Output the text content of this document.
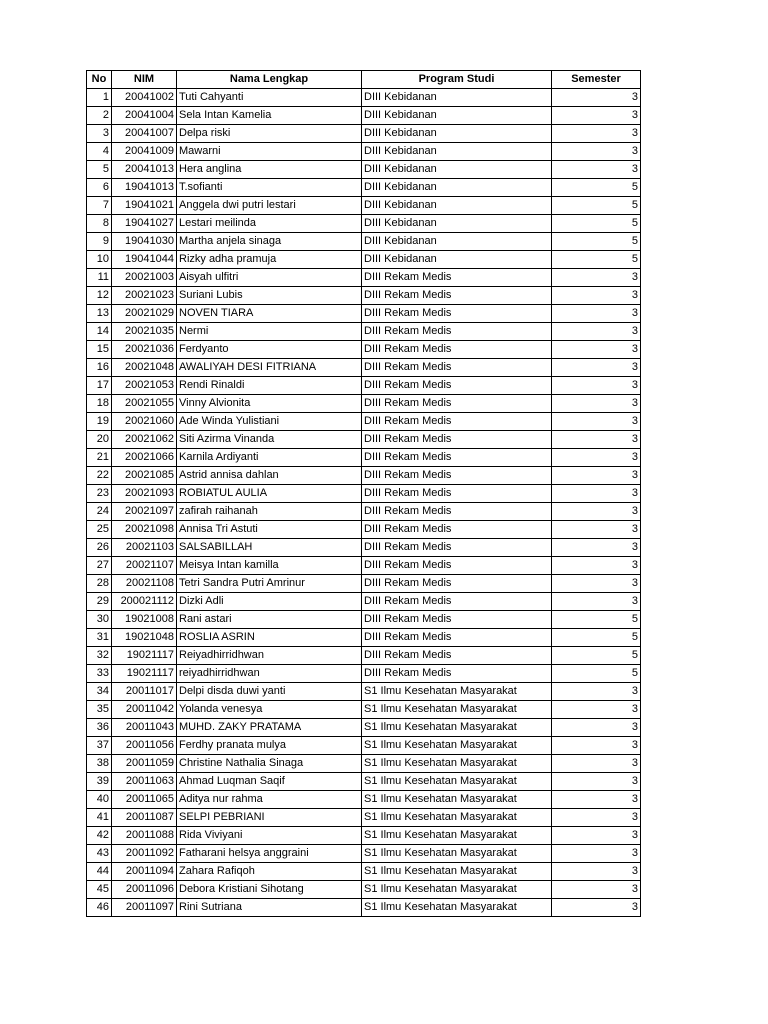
No	NIM	Nama Lengkap	Program Studi	Semester
1	20041002	Tuti Cahyanti	DIII Kebidanan	3
2	20041004	Sela Intan Kamelia	DIII Kebidanan	3
3	20041007	Delpa riski	DIII Kebidanan	3
4	20041009	Mawarni	DIII Kebidanan	3
5	20041013	Hera anglina	DIII Kebidanan	3
6	19041013	T.sofianti	DIII Kebidanan	5
7	19041021	Anggela dwi putri lestari	DIII Kebidanan	5
8	19041027	Lestari meilinda	DIII Kebidanan	5
9	19041030	Martha anjela sinaga	DIII Kebidanan	5
10	19041044	Rizky adha pramuja	DIII Kebidanan	5
11	20021003	Aisyah ulfitri	DIII Rekam Medis	3
12	20021023	Suriani Lubis	DIII Rekam Medis	3
13	20021029	NOVEN TIARA	DIII Rekam Medis	3
14	20021035	Nermi	DIII Rekam Medis	3
15	20021036	Ferdyanto	DIII Rekam Medis	3
16	20021048	AWALIYAH DESI FITRIANA	DIII Rekam Medis	3
17	20021053	Rendi Rinaldi	DIII Rekam Medis	3
18	20021055	Vinny Alvionita	DIII Rekam Medis	3
19	20021060	Ade Winda Yulistiani	DIII Rekam Medis	3
20	20021062	Siti Azirma Vinanda	DIII Rekam Medis	3
21	20021066	Karnila Ardiyanti	DIII Rekam Medis	3
22	20021085	Astrid annisa dahlan	DIII Rekam Medis	3
23	20021093	ROBIATUL AULIA	DIII Rekam Medis	3
24	20021097	zafirah raihanah	DIII Rekam Medis	3
25	20021098	Annisa Tri Astuti	DIII Rekam Medis	3
26	20021103	SALSABILLAH	DIII Rekam Medis	3
27	20021107	Meisya Intan kamilla	DIII Rekam Medis	3
28	20021108	Tetri Sandra Putri Amrinur	DIII Rekam Medis	3
29	200021112	Dizki Adli	DIII Rekam Medis	3
30	19021008	Rani astari	DIII Rekam Medis	5
31	19021048	ROSLIA ASRIN	DIII Rekam Medis	5
32	19021117	Reiyadhirridhwan	DIII Rekam Medis	5
33	19021117	reiyadhirridhwan	DIII Rekam Medis	5
34	20011017	Delpi disda duwi yanti	S1 Ilmu Kesehatan Masyarakat	3
35	20011042	Yolanda venesya	S1 Ilmu Kesehatan Masyarakat	3
36	20011043	MUHD. ZAKY PRATAMA	S1 Ilmu Kesehatan Masyarakat	3
37	20011056	Ferdhy pranata mulya	S1 Ilmu Kesehatan Masyarakat	3
38	20011059	Christine Nathalia Sinaga	S1 Ilmu Kesehatan Masyarakat	3
39	20011063	Ahmad Luqman Saqif	S1 Ilmu Kesehatan Masyarakat	3
40	20011065	Aditya nur rahma	S1 Ilmu Kesehatan Masyarakat	3
41	20011087	SELPI PEBRIANI	S1 Ilmu Kesehatan Masyarakat	3
42	20011088	Rida Viviyani	S1 Ilmu Kesehatan Masyarakat	3
43	20011092	Fatharani helsya anggraini	S1 Ilmu Kesehatan Masyarakat	3
44	20011094	Zahara Rafiqoh	S1 Ilmu Kesehatan Masyarakat	3
45	20011096	Debora Kristiani Sihotang	S1 Ilmu Kesehatan Masyarakat	3
46	20011097	Rini Sutriana	S1 Ilmu Kesehatan Masyarakat	3
